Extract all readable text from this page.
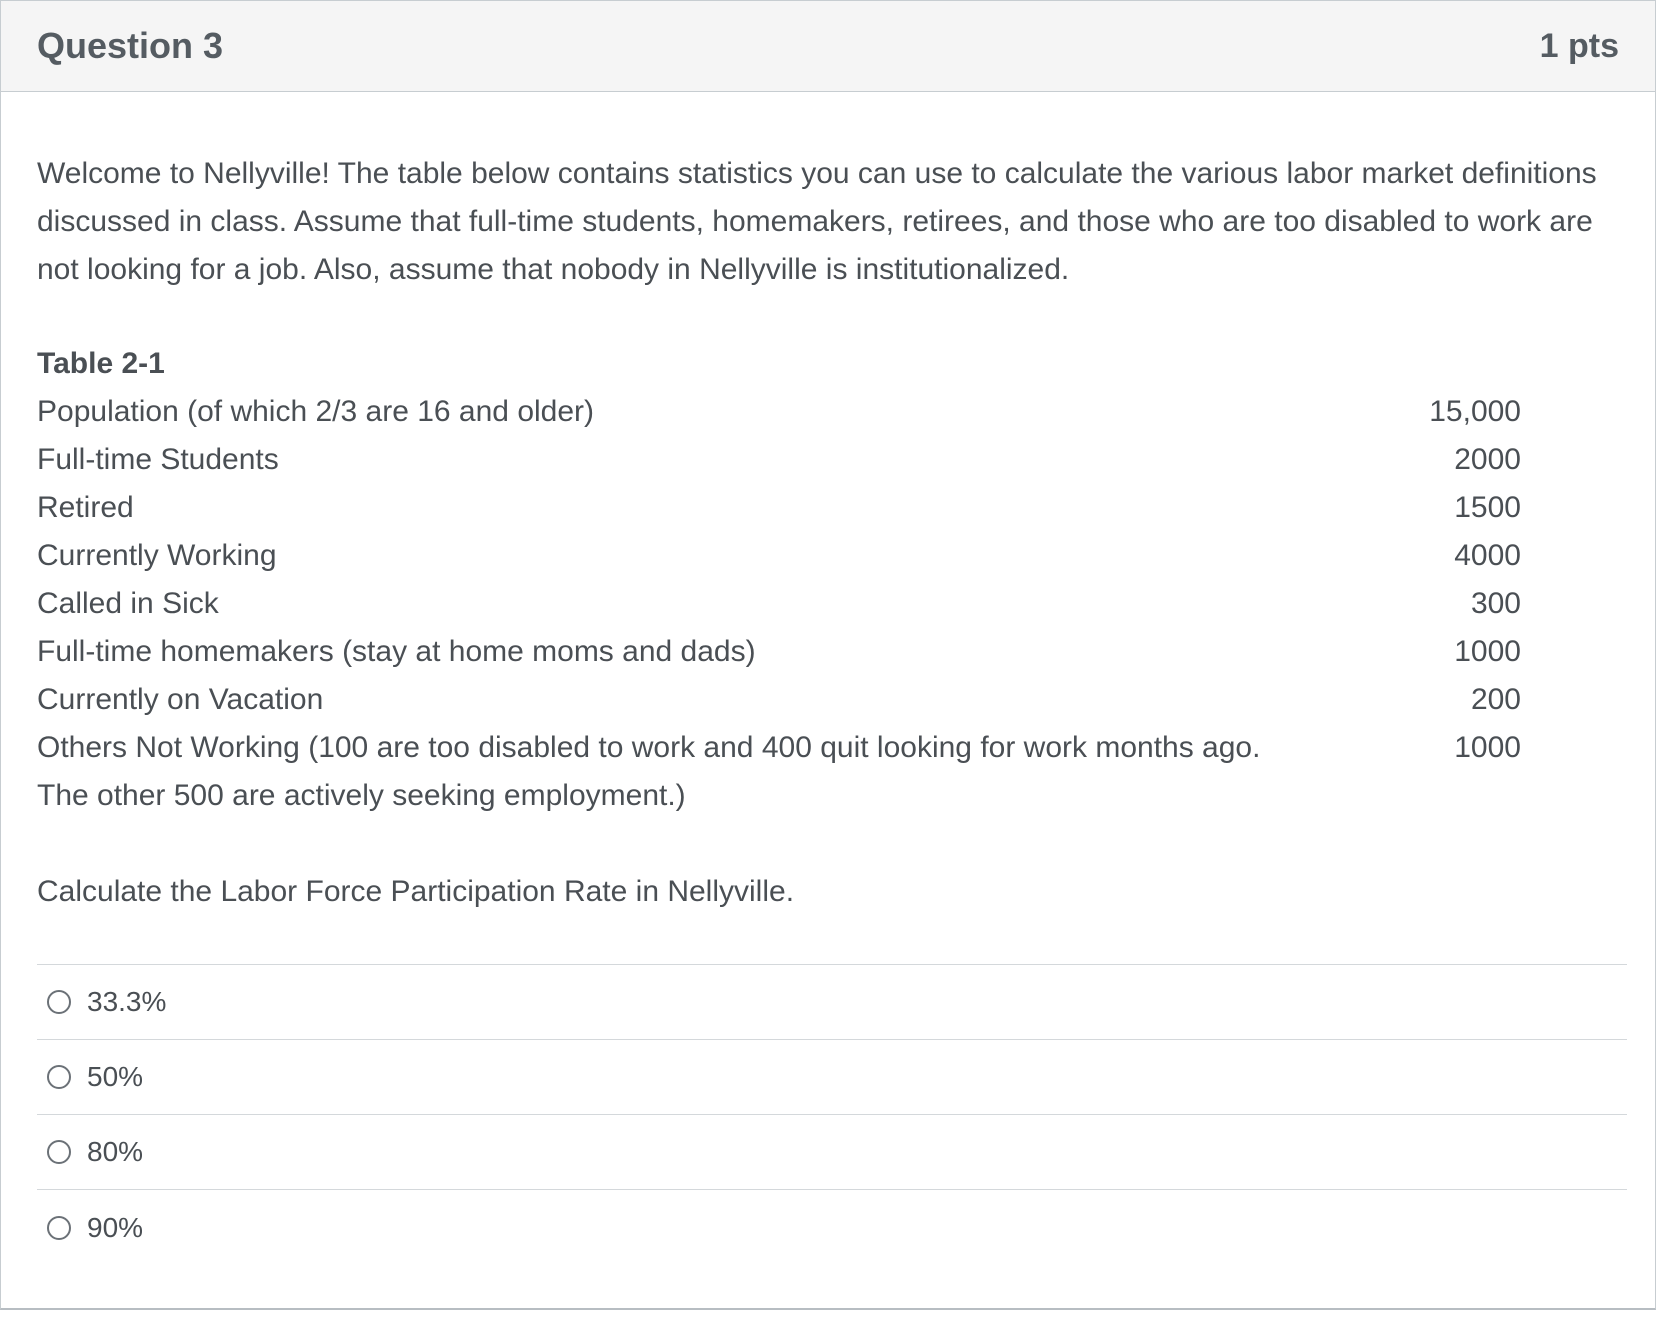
Question 3	1 pts

Welcome to Nellyville! The table below contains statistics you can use to calculate the various labor market definitions discussed in class. Assume that full-time students, homemakers, retirees, and those who are too disabled to work are not looking for a job. Also, assume that nobody in Nellyville is institutionalized.

Table 2-1
Population (of which 2/3 are 16 and older)	15,000
Full-time Students	2000
Retired	1500
Currently Working	4000
Called in Sick	300
Full-time homemakers (stay at home moms and dads)	1000
Currently on Vacation	200
Others Not Working (100 are too disabled to work and 400 quit looking for work months ago. The other 500 are actively seeking employment.)	1000
Calculate the Labor Force Participation Rate in Nellyville.
33.3%
50%
80%
90%
